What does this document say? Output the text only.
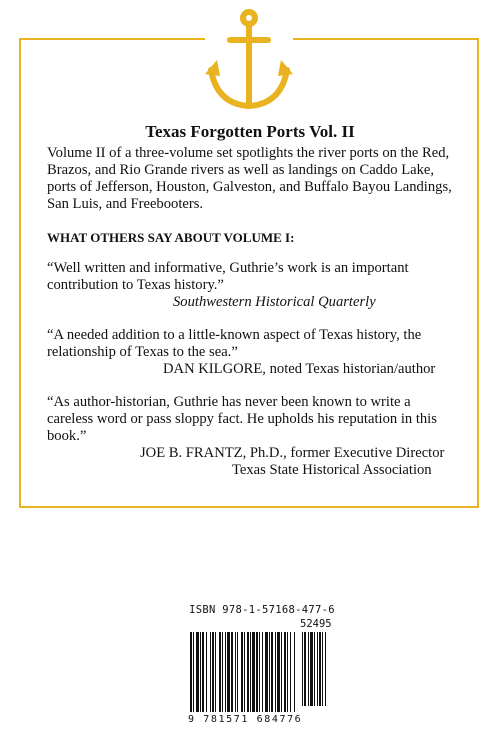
Texas Forgotten Ports Vol. II
Volume II of a three-volume set spotlights the river ports on the Red, Brazos, and Rio Grande rivers as well as landings on Caddo Lake, ports of Jefferson, Houston, Galveston, and Buffalo Bayou Landings, San Luis, and Freebooters.
WHAT OTHERS SAY ABOUT VOLUME I:
“Well written and informative, Guthrie’s work is an important contribution to Texas history.”
Southwestern Historical Quarterly
“A needed addition to a little-known aspect of Texas history, the relationship of Texas to the sea.”
DAN KILGORE, noted Texas historian/author
“As author-historian, Guthrie has never been known to write a careless word or pass sloppy fact. He upholds his reputation in this book.”
JOE B. FRANTZ, Ph.D., former Executive Director
Texas State Historical Association
ISBN 978-1-57168-477-6
52495
9 781571 684776
